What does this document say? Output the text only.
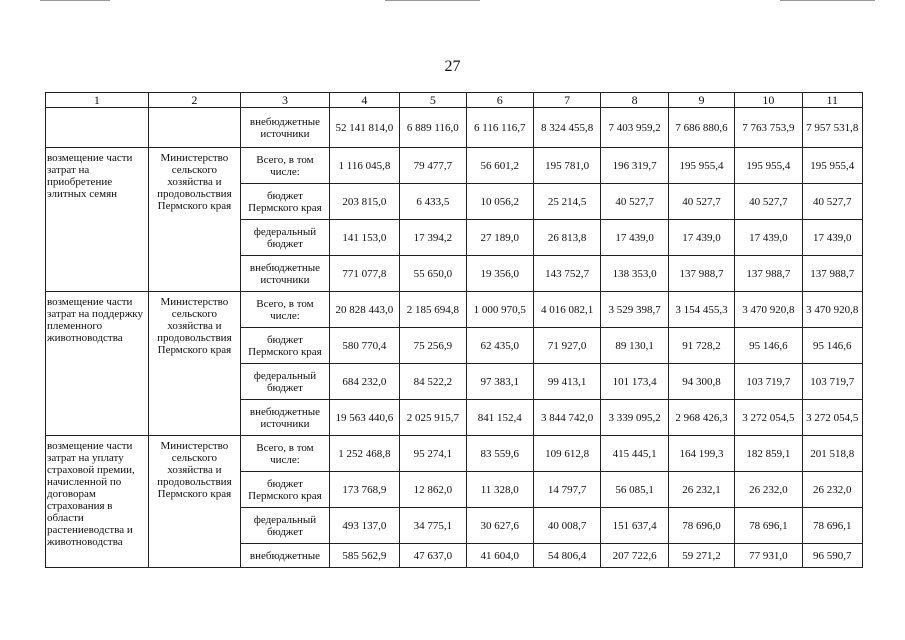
27
1	2	3	4	5	6	7	8	9	10	11
		внебюджетные источники	52 141 814,0	6 889 116,0	6 116 116,7	8 324 455,8	7 403 959,2	7 686 880,6	7 763 753,9	7 957 531,8
возмещение части затрат на приобретение элитных семян	Министерство сельского хозяйства и продовольствия Пермского края	Всего, в том числе:	1 116 045,8	79 477,7	56 601,2	195 781,0	196 319,7	195 955,4	195 955,4	195 955,4
		бюджет Пермского края	203 815,0	6 433,5	10 056,2	25 214,5	40 527,7	40 527,7	40 527,7	40 527,7
		федеральный бюджет	141 153,0	17 394,2	27 189,0	26 813,8	17 439,0	17 439,0	17 439,0	17 439,0
		внебюджетные источники	771 077,8	55 650,0	19 356,0	143 752,7	138 353,0	137 988,7	137 988,7	137 988,7
возмещение части затрат на поддержку племенного животноводства	Министерство сельского хозяйства и продовольствия Пермского края	Всего, в том числе:	20 828 443,0	2 185 694,8	1 000 970,5	4 016 082,1	3 529 398,7	3 154 455,3	3 470 920,8	3 470 920,8
		бюджет Пермского края	580 770,4	75 256,9	62 435,0	71 927,0	89 130,1	91 728,2	95 146,6	95 146,6
		федеральный бюджет	684 232,0	84 522,2	97 383,1	99 413,1	101 173,4	94 300,8	103 719,7	103 719,7
		внебюджетные источники	19 563 440,6	2 025 915,7	841 152,4	3 844 742,0	3 339 095,2	2 968 426,3	3 272 054,5	3 272 054,5
возмещение части затрат на уплату страховой премии, начисленной по договорам страхования в области растениеводства и животноводства	Министерство сельского хозяйства и продовольствия Пермского края	Всего, в том числе:	1 252 468,8	95 274,1	83 559,6	109 612,8	415 445,1	164 199,3	182 859,1	201 518,8
		бюджет Пермского края	173 768,9	12 862,0	11 328,0	14 797,7	56 085,1	26 232,1	26 232,0	26 232,0
		федеральный бюджет	493 137,0	34 775,1	30 627,6	40 008,7	151 637,4	78 696,0	78 696,1	78 696,1
		внебюджетные	585 562,9	47 637,0	41 604,0	54 806,4	207 722,6	59 271,2	77 931,0	96 590,7
